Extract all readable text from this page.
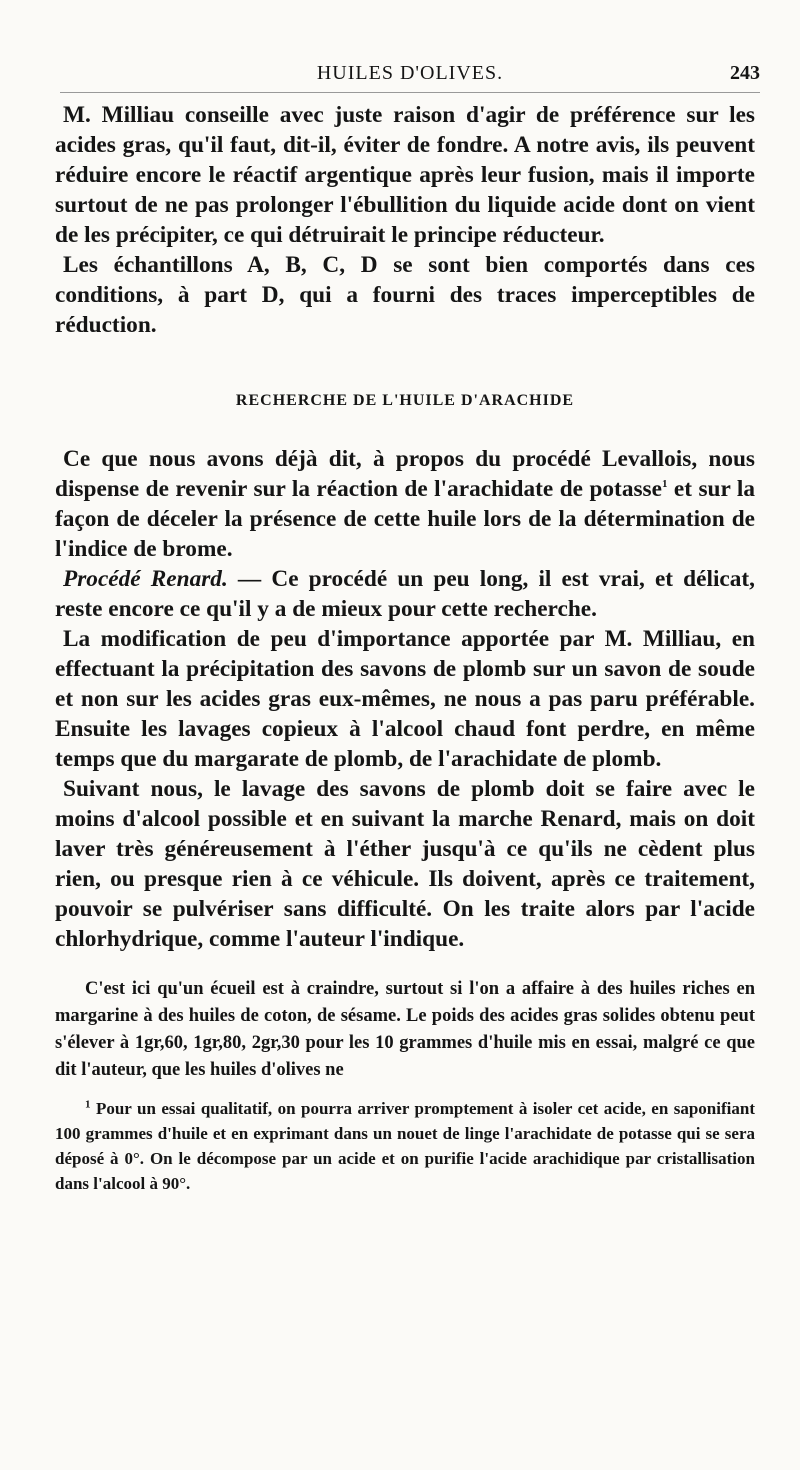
HUILES D'OLIVES.	243

M. Milliau conseille avec juste raison d'agir de préférence sur les acides gras, qu'il faut, dit-il, éviter de fondre. A notre avis, ils peuvent réduire encore le réactif argentique après leur fusion, mais il importe surtout de ne pas prolonger l'ébullition du liquide acide dont on vient de les précipiter, ce qui détruirait le principe réducteur.

Les échantillons A, B, C, D se sont bien comportés dans ces conditions, à part D, qui a fourni des traces imperceptibles de réduction.

RECHERCHE DE L'HUILE D'ARACHIDE

Ce que nous avons déjà dit, à propos du procédé Levallois, nous dispense de revenir sur la réaction de l'arachidate de potasse$^1$ et sur la façon de déceler la présence de cette huile lors de la détermination de l'indice de brome.

Procédé Renard. — Ce procédé un peu long, il est vrai, et délicat, reste encore ce qu'il y a de mieux pour cette recherche.

La modification de peu d'importance apportée par M. Milliau, en effectuant la précipitation des savons de plomb sur un savon de soude et non sur les acides gras eux-mêmes, ne nous a pas paru préférable. Ensuite les lavages copieux à l'alcool chaud font perdre, en même temps que du margarate de plomb, de l'arachidate de plomb.

Suivant nous, le lavage des savons de plomb doit se faire avec le moins d'alcool possible et en suivant la marche Renard, mais on doit laver très généreusement à l'éther jusqu'à ce qu'ils ne cèdent plus rien, ou presque rien à ce véhicule. Ils doivent, après ce traitement, pouvoir se pulvériser sans difficulté. On les traite alors par l'acide chlorhydrique, comme l'auteur l'indique.

C'est ici qu'un écueil est à craindre, surtout si l'on a affaire à des huiles riches en margarine à des huiles de coton, de sésame. Le poids des acides gras solides obtenu peut s'élever à 1gr,60, 1gr,80, 2gr,30 pour les 10 grammes d'huile mis en essai, malgré ce que dit l'auteur, que les huiles d'olives ne

$^1$ Pour un essai qualitatif, on pourra arriver promptement à isoler cet acide, en saponifiant 100 grammes d'huile et en exprimant dans un nouet de linge l'arachidate de potasse qui se sera déposé à 0°. On le décompose par un acide et on purifie l'acide arachidique par cristallisation dans l'alcool à 90°.
